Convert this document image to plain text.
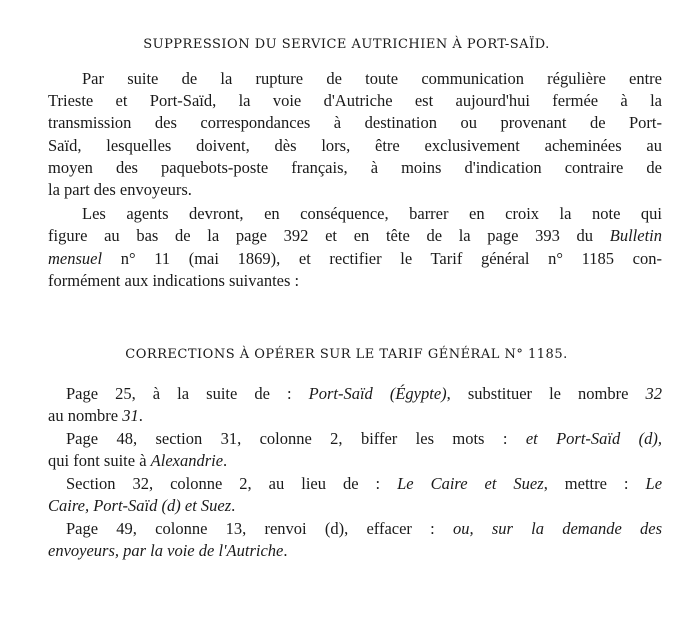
SUPPRESSION DU SERVICE AUTRICHIEN À PORT-SAÏD.
Par suite de la rupture de toute communication régulière entre
Trieste et Port-Saïd, la voie d'Autriche est aujourd'hui fermée à la
transmission des correspondances à destination ou provenant de Port-
Saïd, lesquelles doivent, dès lors, être exclusivement acheminées au
moyen des paquebots-poste français, à moins d'indication contraire de
la part des envoyeurs.
Les agents devront, en conséquence, barrer en croix la note qui
figure au bas de la page 392 et en tête de la page 393 du Bulletin
mensuel n° 11 (mai 1869), et rectifier le Tarif général n° 1185 con-
formément aux indications suivantes :
CORRECTIONS À OPÉRER SUR LE TARIF GÉNÉRAL N° 1185.
Page 25, à la suite de : Port-Saïd (Égypte), substituer le nombre 32
au nombre 31.
Page 48, section 31, colonne 2, biffer les mots : et Port-Saïd (d),
qui font suite à Alexandrie.
Section 32, colonne 2, au lieu de : Le Caire et Suez, mettre : Le
Caire, Port-Saïd (d) et Suez.
Page 49, colonne 13, renvoi (d), effacer : ou, sur la demande des
envoyeurs, par la voie de l'Autriche.
